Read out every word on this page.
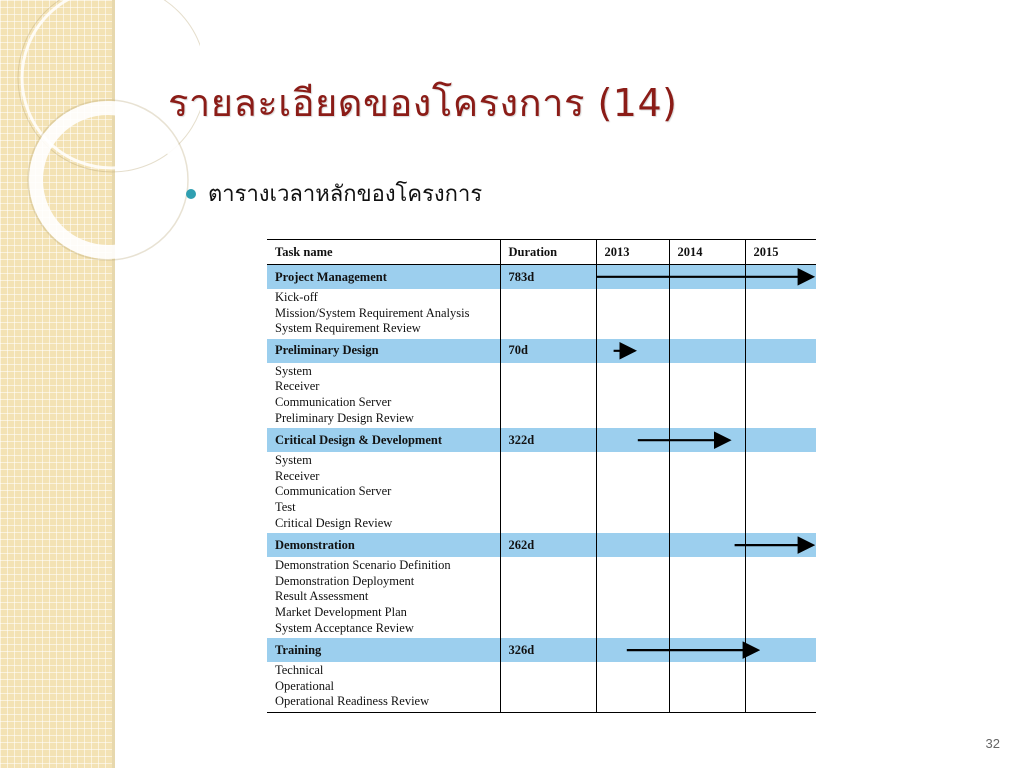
รายละเอียดของโครงการ (14)
ตารางเวลาหลักของโครงการ
Task name	Duration	2013	2014	2015
Project Management	783d			

Kick-off
Mission/System Requirement Analysis
System Requirement Review				

Preliminary Design	70d			

System
Receiver
Communication Server
Preliminary Design Review				

Critical Design & Development	322d			

System
Receiver
Communication Server
Test
Critical Design Review				

Demonstration	262d			

Demonstration Scenario Definition
Demonstration Deployment
Result Assessment
Market Development Plan
System Acceptance Review				

Training	326d			

Technical
Operational
Operational Readiness Review				

32
